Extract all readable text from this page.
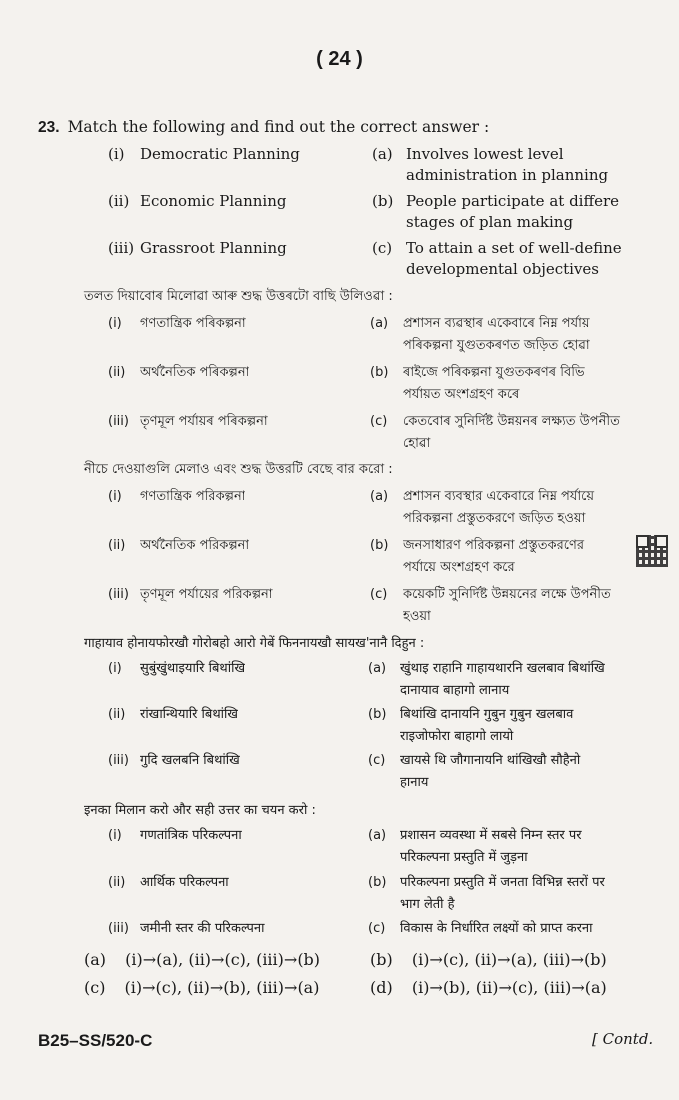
( 24 )
23. Match the following and find out the correct answer :
(i) Democratic Planning	(a) Involves lowest level
administration in planning
(ii) Economic Planning	(b) People participate at differe
stages of plan making
(iii) Grassroot Planning	(c) To attain a set of well-define
developmental objectives
তলত দিয়াবোৰ মিলোৱা আৰু শুদ্ধ উত্তৰটো বাছি উলিওৱা :
(i) গণতান্ত্ৰিক পৰিকল্পনা	(a) প্ৰশাসন ব্যৱস্থাৰ একেবাৰে নিম্ন পৰ্যায়
পৰিকল্পনা যুগুতকৰণত জড়িত হোৱা
(ii) অৰ্থনৈতিক পৰিকল্পনা	(b) ৰাইজে পৰিকল্পনা যুগুতকৰণৰ বিভি
পৰ্যায়ত অংশগ্ৰহণ কৰে
(iii) তৃণমূল পৰ্যায়ৰ পৰিকল্পনা	(c) কেতবোৰ সুনিৰ্দিষ্ট উন্নয়নৰ লক্ষ্যত উপনীত
হোৱা
নীচে দেওয়াগুলি মেলাও এবং শুদ্ধ উত্তরটি বেছে বার করো :
(i) গণতান্ত্রিক পরিকল্পনা	(a) প্রশাসন ব্যবস্থার একেবারে নিম্ন পর্যায়ে
পরিকল্পনা প্রস্তুতকরণে জড়িত হওয়া
(ii) অর্থনৈতিক পরিকল্পনা	(b) জনসাধারণ পরিকল্পনা প্রস্তুতকরণের
পর্যায়ে অংশগ্রহণ করে
(iii) তৃণমূল পর্যায়ের পরিকল্পনা	(c) কয়েকটি সুনির্দিষ্ট উন্নয়নের লক্ষে উপনীত
হওয়া
गाहायाव होनायफोरखौ गोरोबहो आरो गेबें फिननायखौ सायख'नानै दिहुन :
(i) सुबुंखुंथाइयारि बिथांखि	(a) खुंथाइ राहानि गाहायथारनि खलबाव बिथांखि
दानायाव बाहागो लानाय
(ii) रांखान्थियारि बिथांखि	(b) बिथांखि दानायनि गुबुन गुबुन खलबाव
राइजोफोरा बाहागो लायो
(iii) गुदि खलबनि बिथांखि	(c) खायसे थि जौगानायनि थांखिखौ सौहैनो
हानाय
इनका मिलान करो और सही उत्तर का चयन करो :
(i) गणतांत्रिक परिकल्पना	(a) प्रशासन व्यवस्था में सबसे निम्न स्तर पर
परिकल्पना प्रस्तुति में जुड़ना
(ii) आर्थिक परिकल्पना	(b) परिकल्पना प्रस्तुति में जनता विभिन्न स्तरों पर
भाग लेती है
(iii) जमीनी स्तर की परिकल्पना	(c) विकास के निर्धारित लक्ष्यों को प्राप्त करना
(a) (i)→(a), (ii)→(c), (iii)→(b)	(b) (i)→(c), (ii)→(a), (iii)→(b)
(c) (i)→(c), (ii)→(b), (iii)→(a)	(d) (i)→(b), (ii)→(c), (iii)→(a)
B25–SS/520-C	[ Contd.
